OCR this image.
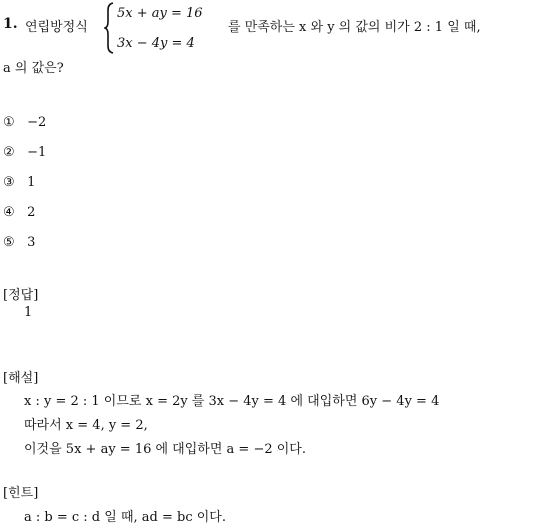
1. 연립방정식
5x + ay = 16
3x − 4y = 4
를 만족하는 x 와 y 의 값의 비가 2 : 1 일 때,
a 의 값은?
① −2
② −1
③ 1
④ 2
⑤ 3
[정답]
1
[해설]
x : y = 2 : 1 이므로 x = 2y 를 3x − 4y = 4 에 대입하면 6y − 4y = 4
따라서 x = 4, y = 2,
이것을 5x + ay = 16 에 대입하면 a = −2 이다.
[힌트]
a : b = c : d 일 때, ad = bc 이다.
